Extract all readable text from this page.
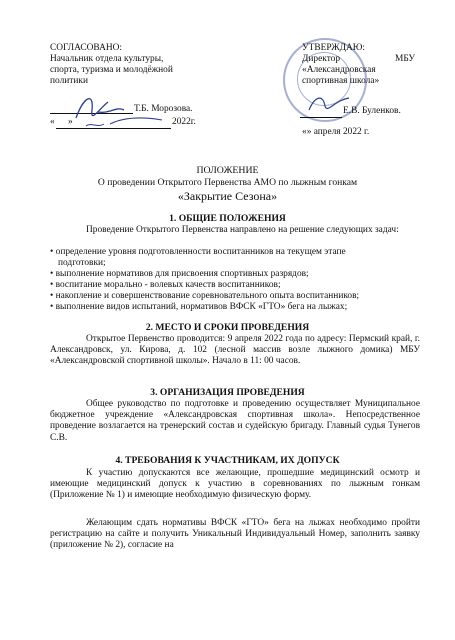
СОГЛАСОВАНО:
Начальник отдела культуры,
спорта, туризма и молодёжной
политики
Т.Б. Морозова.
« »	2022г.
УТВЕРЖДАЮ:
Директор	МБУ
«Александровская
спортивная школа»
Е.В. Буленков.
«» апреля 2022 г.
ПОЛОЖЕНИЕ
О проведении Открытого Первенства АМО по лыжным гонкам
«Закрытие Сезона»
1. ОБЩИЕ ПОЛОЖЕНИЯ
Проведение Открытого Первенства направлено на решение следующих задач:
• определение уровня подготовленности воспитанников на текущем этапе
подготовки;
• выполнение нормативов для присвоения спортивных разрядов;
• воспитание морально - волевых качеств воспитанников;
• накопление и совершенствование соревновательного опыта воспитанников;
• выполнение видов испытаний, нормативов ВФСК «ГТО» бега на лыжах;
2. МЕСТО И СРОКИ ПРОВЕДЕНИЯ
Открытое Первенство проводится: 9 апреля 2022 года по адресу: Пермский край, г. Александровск, ул. Кирова, д. 102 (лесной массив возле лыжного домика) МБУ «Александровской спортивной школы». Начало в 11: 00 часов.
3. ОРГАНИЗАЦИЯ ПРОВЕДЕНИЯ
Общее руководство по подготовке и проведению осуществляет Муниципальное бюджетное учреждение «Александровская спортивная школа». Непосредственное проведение возлагается на тренерский состав и судейскую бригаду. Главный судья Тунегов С.В.
4. ТРЕБОВАНИЯ К УЧАСТНИКАМ, ИХ ДОПУСК
К участию допускаются все желающие, прошедшие медицинский осмотр и имеющие медицинский допуск к участию в соревнованиях по лыжным гонкам (Приложение № 1) и имеющие необходимую физическую форму.
Желающим сдать нормативы ВФСК «ГТО» бега на лыжах необходимо пройти регистрацию на сайте и получить Уникальный Индивидуальный Номер, заполнить заявку (приложение № 2), согласие на
